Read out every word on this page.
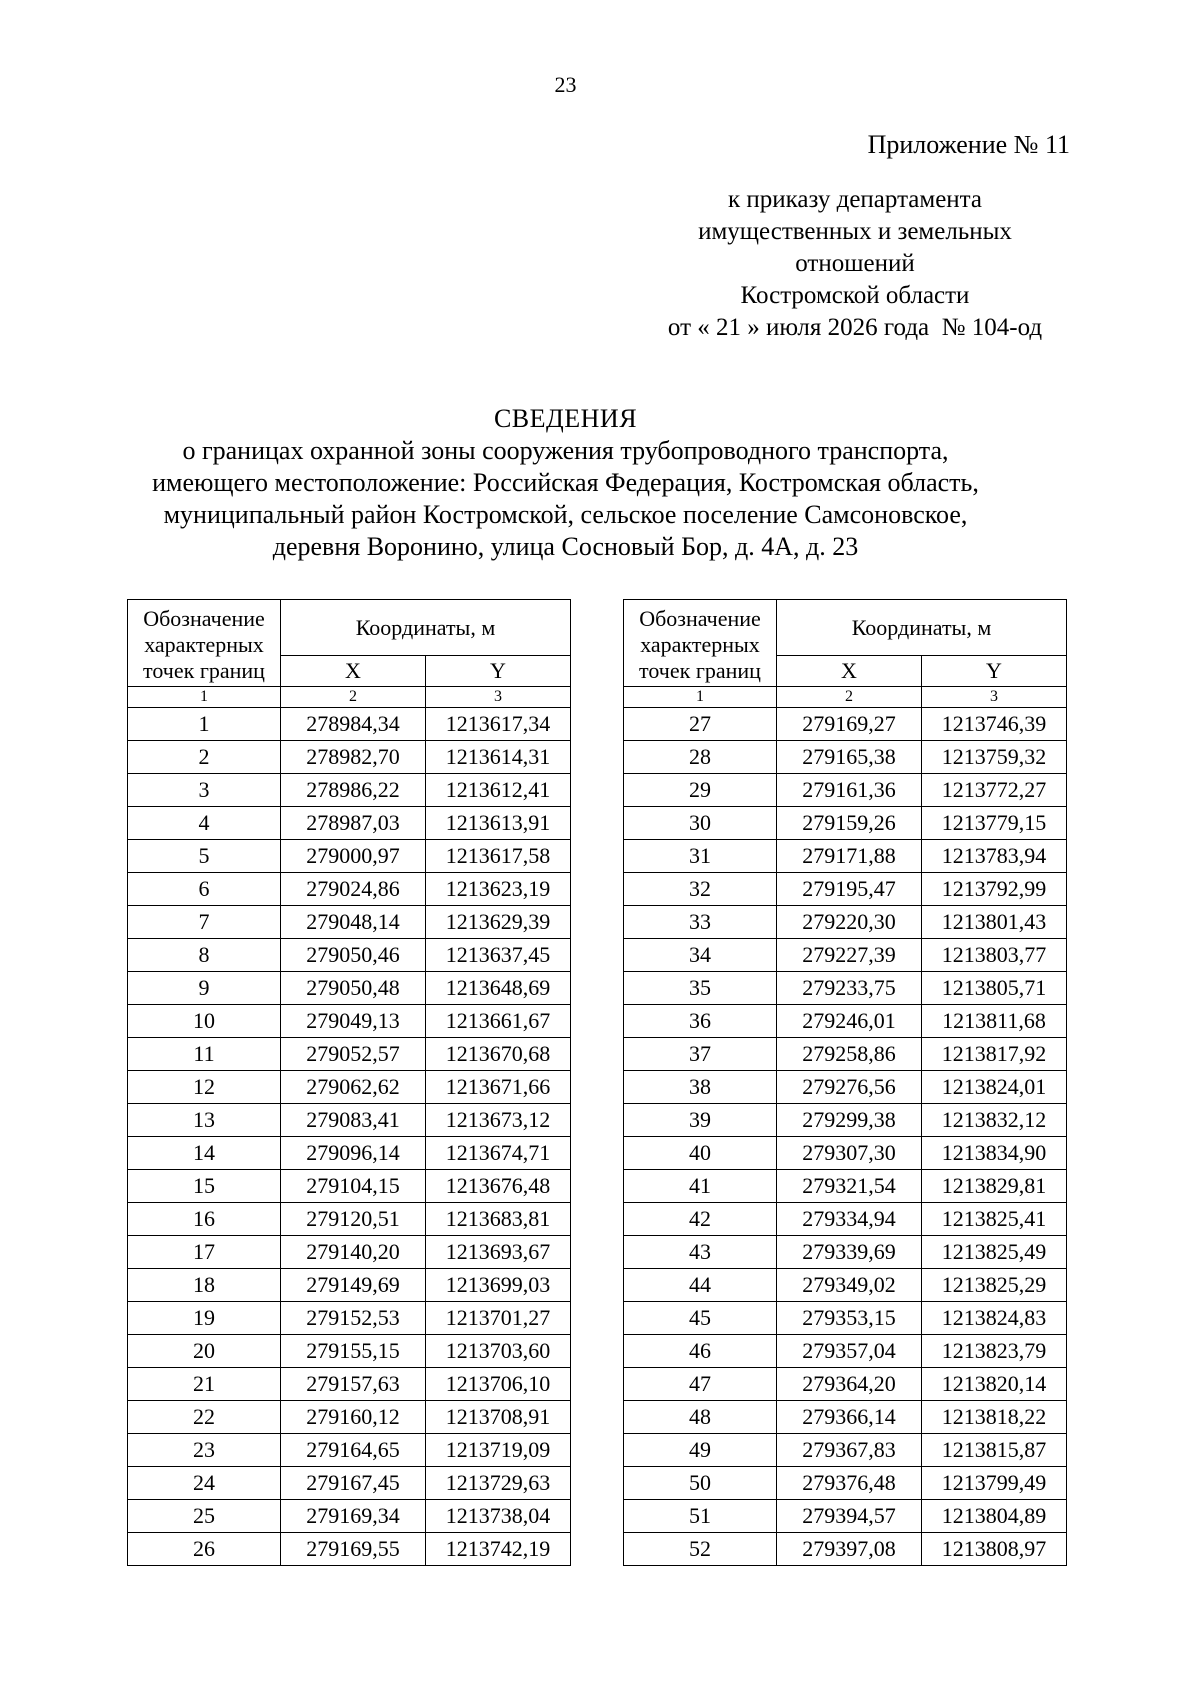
23
Приложение № 11
к приказу департамента
имущественных и земельных
отношений
Костромской области
от « 21 » июля 2026 года  № 104-од
СВЕДЕНИЯ
о границах охранной зоны сооружения трубопроводного транспорта,
имеющего местоположение: Российская Федерация, Костромская область,
муниципальный район Костромской, сельское поселение Самсоновское,
деревня Воронино, улица Сосновый Бор, д. 4А, д. 23
Обозначение характерных точек границ	Координаты, м	
	X	Y
1	2	3
1	278984,34	1213617,34
2	278982,70	1213614,31
3	278986,22	1213612,41
4	278987,03	1213613,91
5	279000,97	1213617,58
6	279024,86	1213623,19
7	279048,14	1213629,39
8	279050,46	1213637,45
9	279050,48	1213648,69
10	279049,13	1213661,67
11	279052,57	1213670,68
12	279062,62	1213671,66
13	279083,41	1213673,12
14	279096,14	1213674,71
15	279104,15	1213676,48
16	279120,51	1213683,81
17	279140,20	1213693,67
18	279149,69	1213699,03
19	279152,53	1213701,27
20	279155,15	1213703,60
21	279157,63	1213706,10
22	279160,12	1213708,91
23	279164,65	1213719,09
24	279167,45	1213729,63
25	279169,34	1213738,04
26	279169,55	1213742,19
Обозначение характерных точек границ	Координаты, м	
	X	Y
1	2	3
27	279169,27	1213746,39
28	279165,38	1213759,32
29	279161,36	1213772,27
30	279159,26	1213779,15
31	279171,88	1213783,94
32	279195,47	1213792,99
33	279220,30	1213801,43
34	279227,39	1213803,77
35	279233,75	1213805,71
36	279246,01	1213811,68
37	279258,86	1213817,92
38	279276,56	1213824,01
39	279299,38	1213832,12
40	279307,30	1213834,90
41	279321,54	1213829,81
42	279334,94	1213825,41
43	279339,69	1213825,49
44	279349,02	1213825,29
45	279353,15	1213824,83
46	279357,04	1213823,79
47	279364,20	1213820,14
48	279366,14	1213818,22
49	279367,83	1213815,87
50	279376,48	1213799,49
51	279394,57	1213804,89
52	279397,08	1213808,97
